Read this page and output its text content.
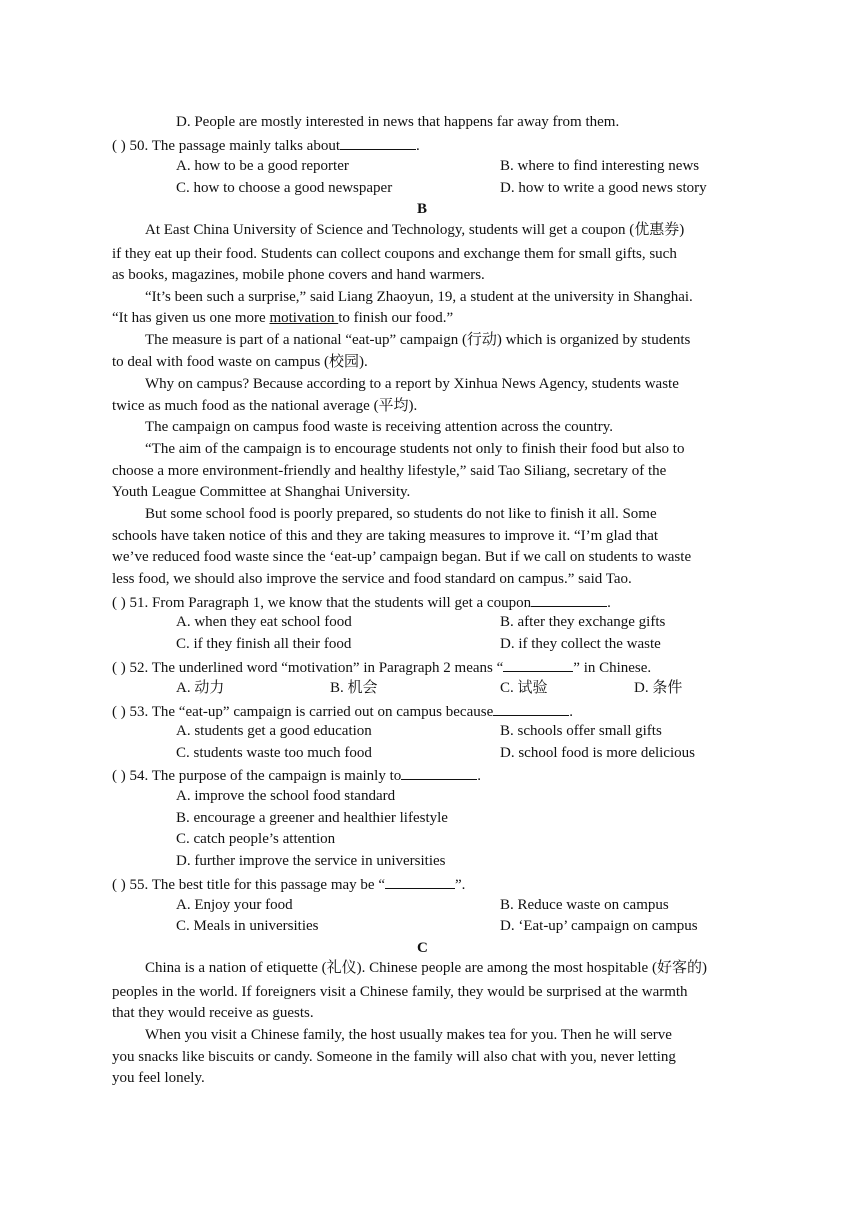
D. People are mostly interested in news that happens far away from them.
( ) 50. The passage mainly talks about	.
A. how to be a good reporter	B. where to find interesting news
C. how to choose a good newspaper	D. how to write a good news story
B
At East China University of Science and Technology, students will get a coupon (优惠券)
if they eat up their food. Students can collect coupons and exchange them for small gifts, such
as books, magazines, mobile phone covers and hand warmers.
“It’s been such a surprise,” said Liang Zhaoyun, 19, a student at the university in Shanghai.
“It has given us one more motivation to finish our food.”
The measure is part of a national “eat-up” campaign (行动) which is organized by students
to deal with food waste on campus (校园).
Why on campus? Because according to a report by Xinhua News Agency, students waste
twice as much food as the national average (平均).
The campaign on campus food waste is receiving attention across the country.
“The aim of the campaign is to encourage students not only to finish their food but also to
choose a more environment-friendly and healthy lifestyle,” said Tao Siliang, secretary of the
Youth League Committee at Shanghai University.
But some school food is poorly prepared, so students do not like to finish it all. Some
schools have taken notice of this and they are taking measures to improve it. “I’m glad that
we’ve reduced food waste since the ‘eat-up’ campaign began. But if we call on students to waste
less food, we should also improve the service and food standard on campus.” said Tao.
( ) 51. From Paragraph 1, we know that the students will get a coupon	.
A. when they eat school food	B. after they exchange gifts
C. if they finish all their food	D. if they collect the waste
( ) 52. The underlined word “motivation” in Paragraph 2 means “	” in Chinese.
A. 动力	B. 机会	C. 试验	D. 条件
( ) 53. The “eat-up” campaign is carried out on campus because	.
A. students get a good education	B. schools offer small gifts
C. students waste too much food	D. school food is more delicious
( ) 54. The purpose of the campaign is mainly to	.
A. improve the school food standard
B. encourage a greener and healthier lifestyle
C. catch people’s attention
D. further improve the service in universities
( ) 55. The best title for this passage may be “	”.
A. Enjoy your food	B. Reduce waste on campus
C. Meals in universities	D. ‘Eat-up’ campaign on campus
C
China is a nation of etiquette (礼仪). Chinese people are among the most hospitable (好客的)
peoples in the world. If foreigners visit a Chinese family, they would be surprised at the warmth
that they would receive as guests.
When you visit a Chinese family, the host usually makes tea for you. Then he will serve
you snacks like biscuits or candy. Someone in the family will also chat with you, never letting
you feel lonely.
